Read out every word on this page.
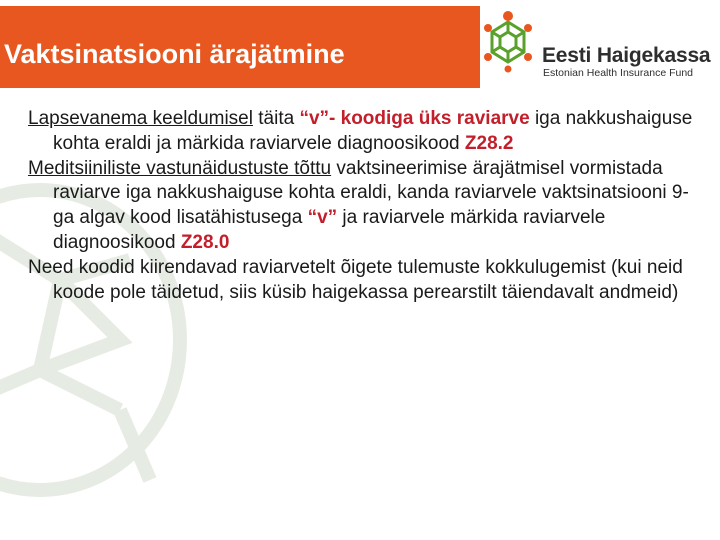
Vaktsinatsiooni ärajätmine	Eesti Haigekassa
Estonian Health Insurance Fund

Lapsevanema keeldumisel täita “v”- koodiga üks raviarve iga nakkushaiguse kohta eraldi ja märkida raviarvele diagnoosikood Z28.2

Meditsiiniliste vastunäidustuste tõttu vaktsineerimise ärajätmisel vormistada raviarve iga nakkushaiguse kohta eraldi, kanda raviarvele vaktsinatsiooni 9-ga algav kood lisatähistusega “v” ja raviarvele märkida raviarvele diagnoosikood Z28.0

Need koodid kiirendavad raviarvetelt õigete tulemuste kokkulugemist (kui neid koode pole täidetud, siis küsib haigekassa perearstilt täiendavalt andmeid)
